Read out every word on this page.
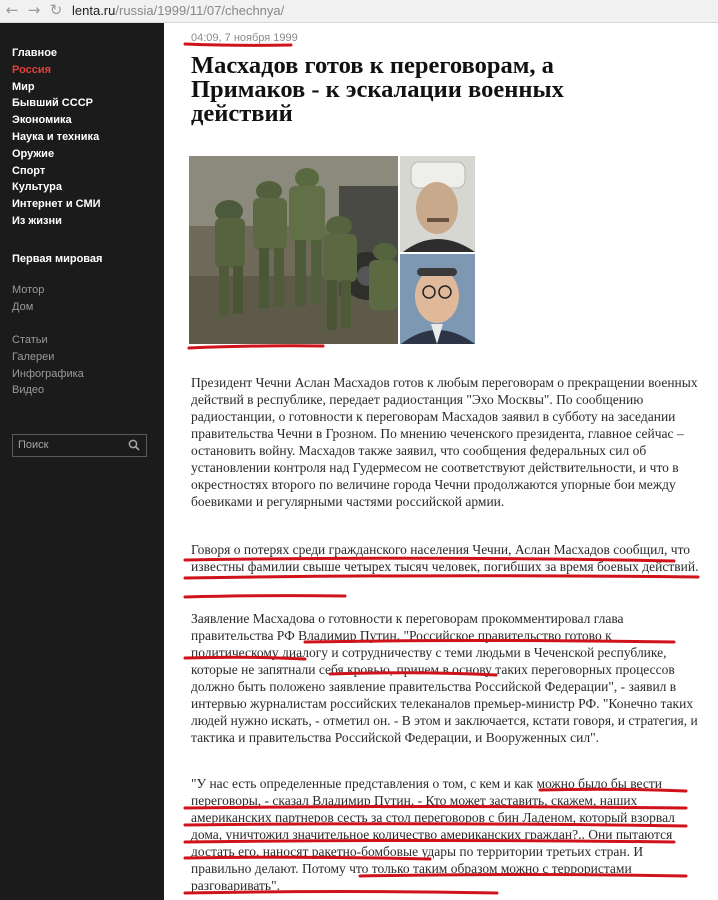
← → ↻ lenta.ru/russia/1999/11/07/chechnya/
Главное
Россия
Мир
Бывший СССР
Экономика
Наука и техника
Оружие
Спорт
Культура
Интернет и СМИ
Из жизни
Первая мировая
Мотор
Дом
Статьи
Галереи
Инфографика
Видео
Поиск
04:09, 7 ноября 1999
Масхадов готов к переговорам, а Примаков - к эскалации военных действий

Президент Чечни Аслан Масхадов готов к любым переговорам о прекращении военных действий в республике, передает радиостанция "Эхо Москвы". По сообщению радиостанции, о готовности к переговорам Масхадов заявил в субботу на заседании правительства Чечни в Грозном. По мнению чеченского президента, главное сейчас – остановить войну. Масхадов также заявил, что сообщения федеральных сил об установлении контроля над Гудермесом не соответствуют действительности, и что в окрестностях второго по величине города Чечни продолжаются упорные бои между боевиками и регулярными частями российской армии.

Говоря о потерях среди гражданского населения Чечни, Аслан Масхадов сообщил, что известны фамилии свыше четырех тысяч человек, погибших за время боевых действий.

Заявление Масхадова о готовности к переговорам прокомментировал глава правительства РФ Владимир Путин. "Российское правительство готово к политическому диалогу и сотрудничеству с теми людьми в Чеченской республике, которые не запятнали себя кровью, причем в основу таких переговорных процессов должно быть положено заявление правительства Российской Федерации", - заявил в интервью журналистам российских телеканалов премьер-министр РФ. "Конечно таких людей нужно искать, - отметил он. - В этом и заключается, кстати говоря, и стратегия, и тактика и правительства Российской Федерации, и Вооруженных сил".

"У нас есть определенные представления о том, с кем и как можно было бы вести переговоры, - сказал Владимир Путин. - Кто может заставить, скажем, наших американских партнеров сесть за стол переговоров с бин Ладеном, который взорвал дома, уничтожил значительное количество американских граждан?.. Они пытаются достать его, наносят ракетно-бомбовые удары по территории третьих стран. И правильно делают. Потому что только таким образом можно с террористами разговаривать".
